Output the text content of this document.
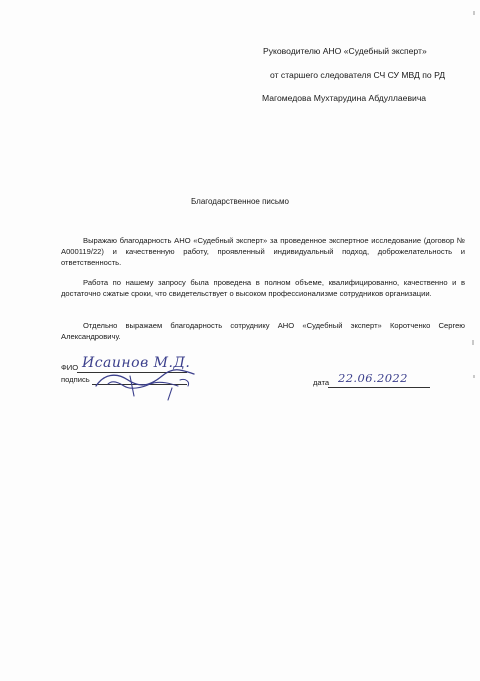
Руководителю АНО «Судебный эксперт»
от старшего следователя СЧ СУ МВД по РД
Магомедова Мухтарудина Абдуллаевича
Благодарственное письмо
Выражаю благодарность АНО «Судебный эксперт» за проведенное экспертное исследование (договор № А000119/22) и качественную работу, проявленный индивидуальный подход, доброжелательность и ответственность.
Работа по нашему запросу была проведена в полном объеме, квалифицированно, качественно и в достаточно сжатые сроки, что свидетельствует о высоком профессионализме сотрудников организации.
Отдельно выражаем благодарность сотруднику АНО «Судебный эксперт» Коротченко Сергею Александровичу.
ФИО Исаинов М.Д.
подпись	дата 22.06.2022
